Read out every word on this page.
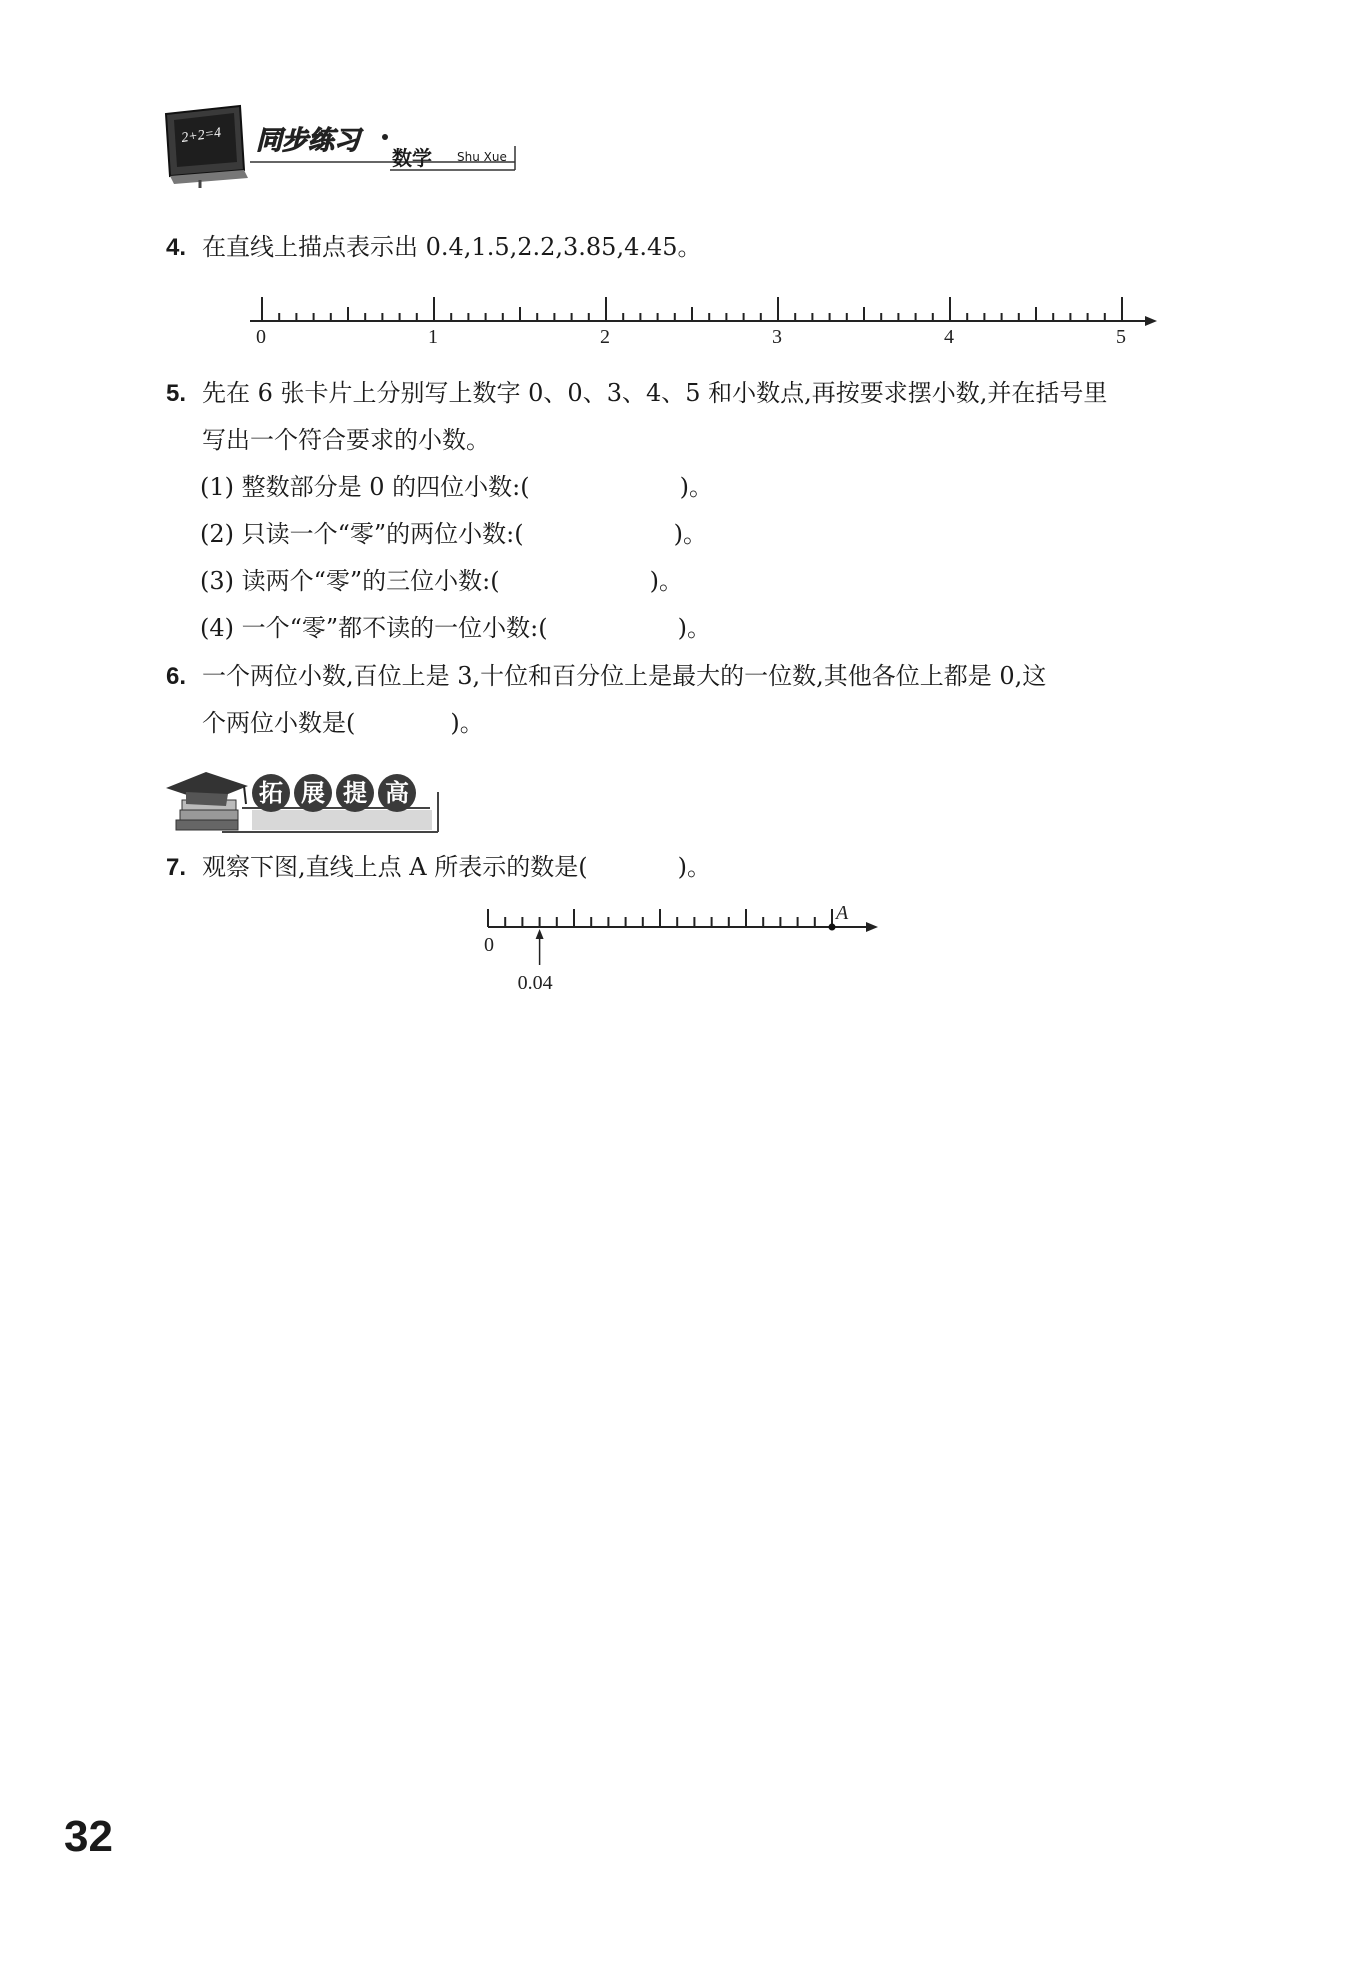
2+2=4 同步练习
数学 Shu Xue
4. 在直线上描点表示出 0.4,1.5,2.2,3.85,4.45。
0	1	2	3	4	5
5. 先在 6 张卡片上分别写上数字 0、0、3、4、5 和小数点,再按要求摆小数,并在括号里
写出一个符合要求的小数。
(1) 整数部分是 0 的四位小数:(	)。
(2) 只读一个“零”的两位小数:(	)。
(3) 读两个“零”的三位小数:(	)。
(4) 一个“零”都不读的一位小数:(	)。
6. 一个两位小数,百位上是 3,十位和百分位上是最大的一位数,其他各位上都是 0,这
个两位小数是(	)。
拓 展 提 高
7. 观察下图,直线上点 A 所表示的数是(	)。
A
0
0.04
32
